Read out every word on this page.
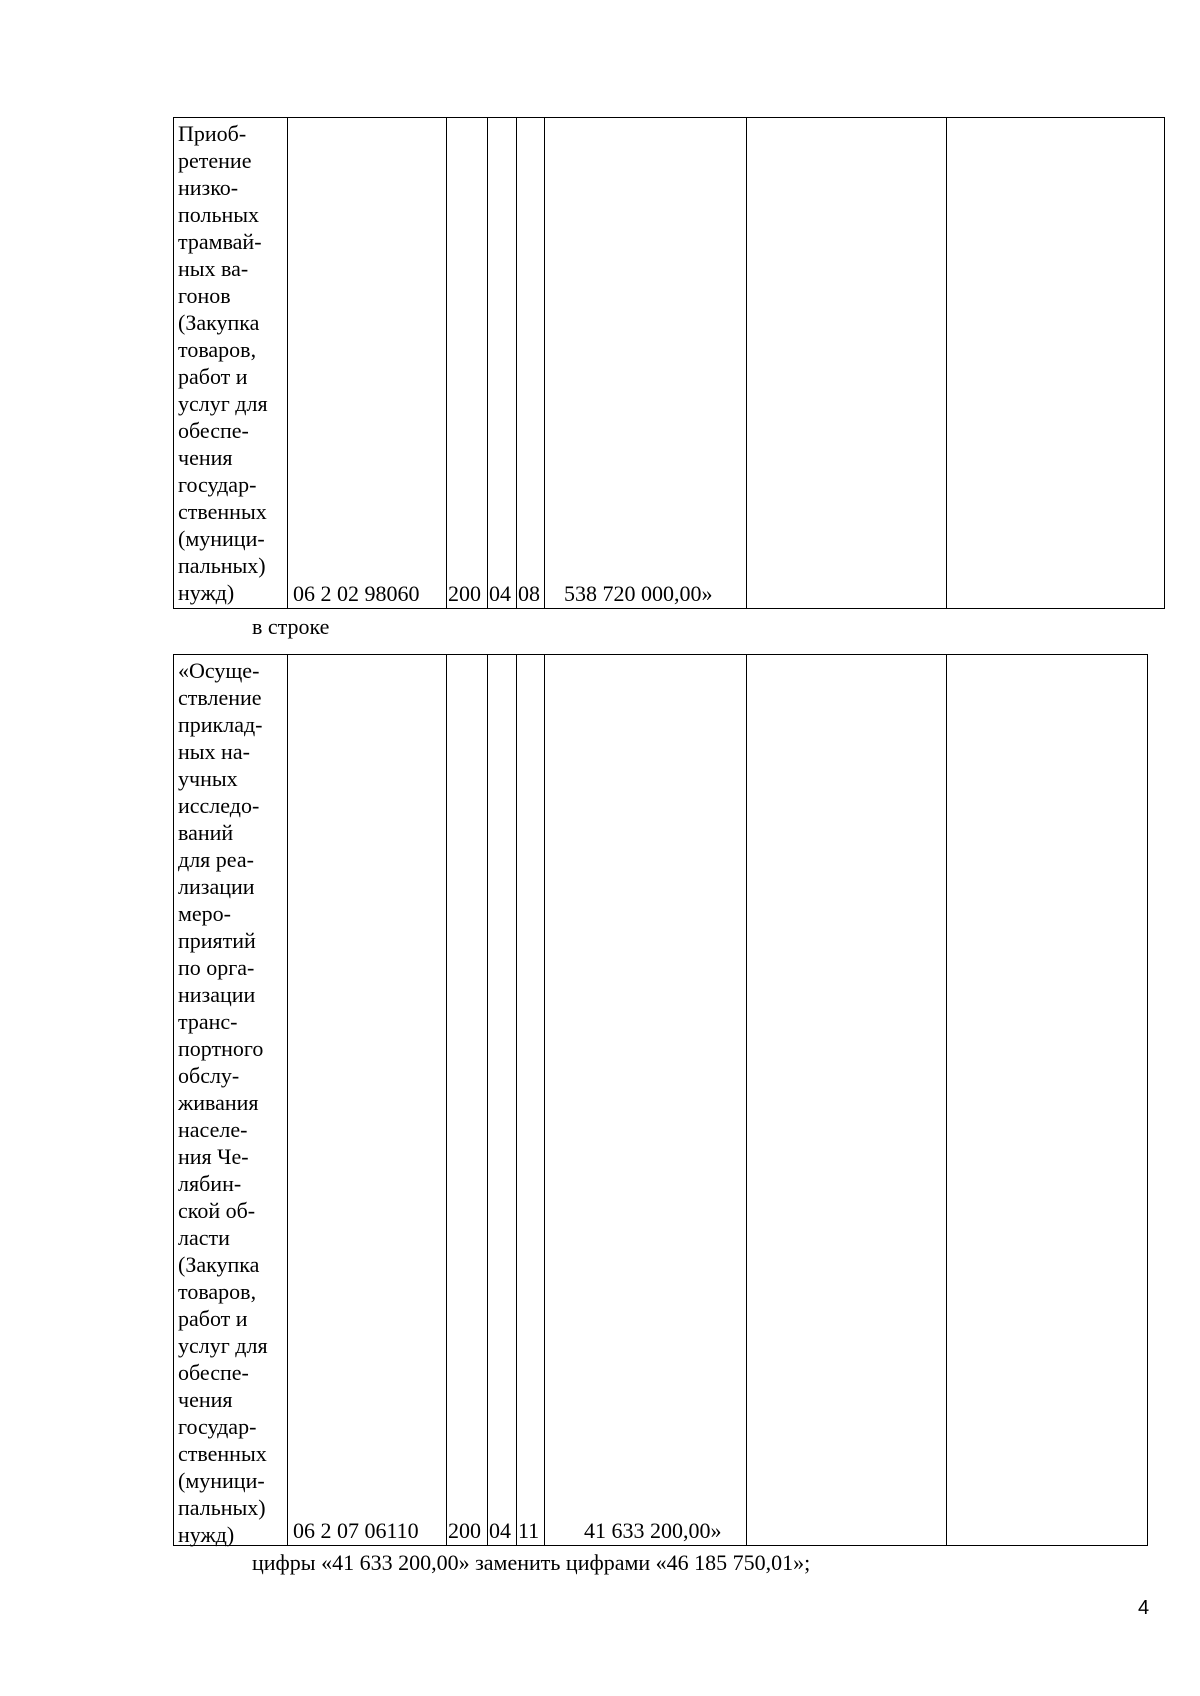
Приоб-
ретение
низко-
польных
трамвай-
ных ва-
гонов
(Закупка
товаров,
работ и
услуг для
обеспе-
чения
государ-
ственных
(муници-
пальных)
нужд)	06 2 02 98060 200 04 08 538 720 000,00»
в строке
«Осуще-
ствление
приклад-
ных на-
учных
исследо-
ваний
для реа-
лизации
меро-
приятий
по орга-
низации
транс-
портного
обслу-
живания
населе-
ния Че-
лябин-
ской об-
ласти
(Закупка
товаров,
работ и
услуг для
обеспе-
чения
государ-
ственных
(муници-
пальных)
нужд)	06 2 07 06110 200 04 11 41 633 200,00»
цифры «41 633 200,00» заменить цифрами «46 185 750,01»;
4
